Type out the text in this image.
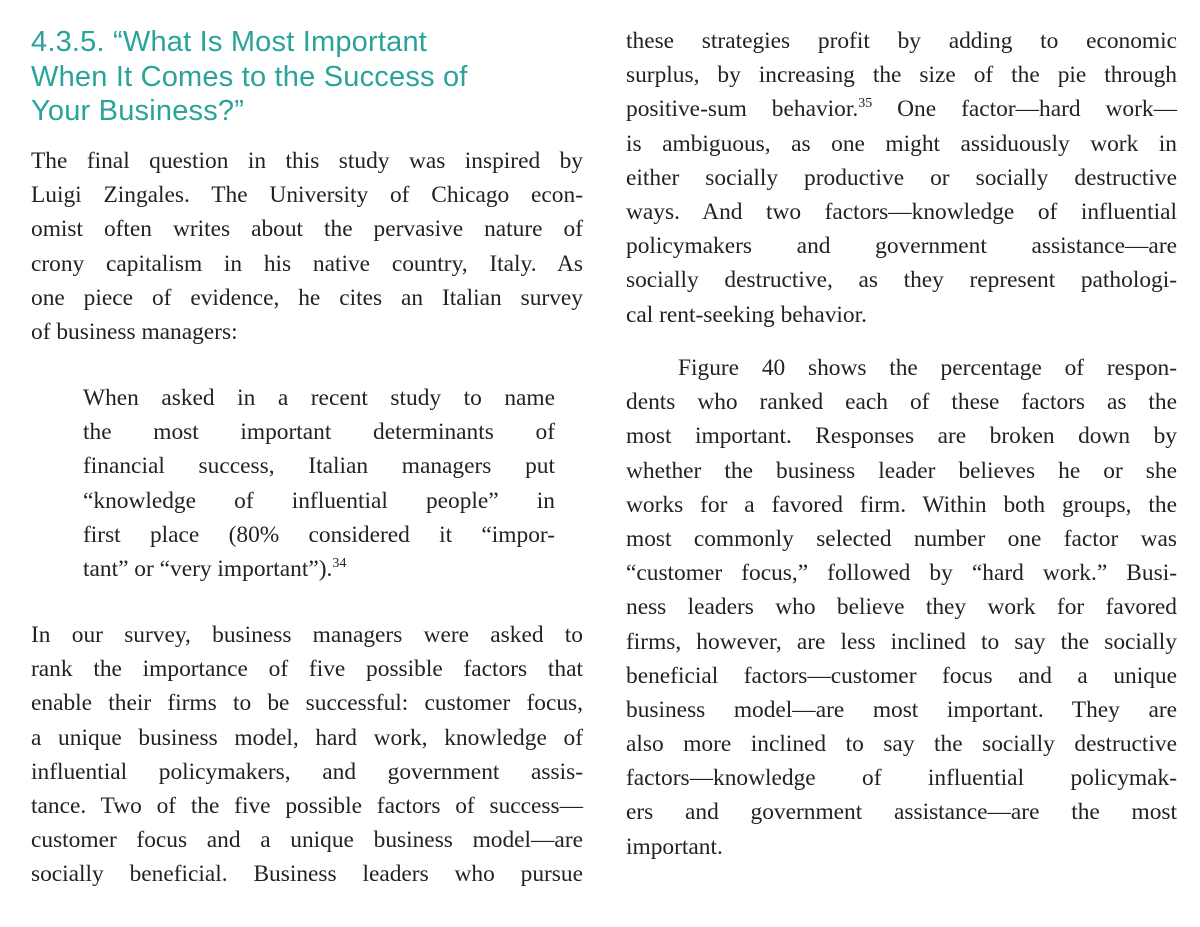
4.3.5. “What Is Most Important
When It Comes to the Success of
Your Business?”
The final question in this study was inspired by
Luigi Zingales. The University of Chicago econ-
omist often writes about the pervasive nature of
crony capitalism in his native country, Italy. As
one piece of evidence, he cites an Italian survey
of business managers:
When asked in a recent study to name
the most important determinants of
financial success, Italian managers put
“knowledge of influential people” in
first place (80% considered it “impor-
tant” or “very important”).$^{34}$
In our survey, business managers were asked to
rank the importance of five possible factors that
enable their firms to be successful: customer focus,
a unique business model, hard work, knowledge of
influential policymakers, and government assis-
tance. Two of the five possible factors of success—
customer focus and a unique business model—are
socially beneficial. Business leaders who pursue
these strategies profit by adding to economic
surplus, by increasing the size of the pie through
positive-sum behavior.$^{35}$ One factor—hard work—
is ambiguous, as one might assiduously work in
either socially productive or socially destructive
ways. And two factors—knowledge of influential
policymakers and government assistance—are
socially destructive, as they represent pathologi-
cal rent-seeking behavior.
Figure 40 shows the percentage of respon-
dents who ranked each of these factors as the
most important. Responses are broken down by
whether the business leader believes he or she
works for a favored firm. Within both groups, the
most commonly selected number one factor was
“customer focus,” followed by “hard work.” Busi-
ness leaders who believe they work for favored
firms, however, are less inclined to say the socially
beneficial factors—customer focus and a unique
business model—are most important. They are
also more inclined to say the socially destructive
factors—knowledge of influential policymak-
ers and government assistance—are the most
important.
